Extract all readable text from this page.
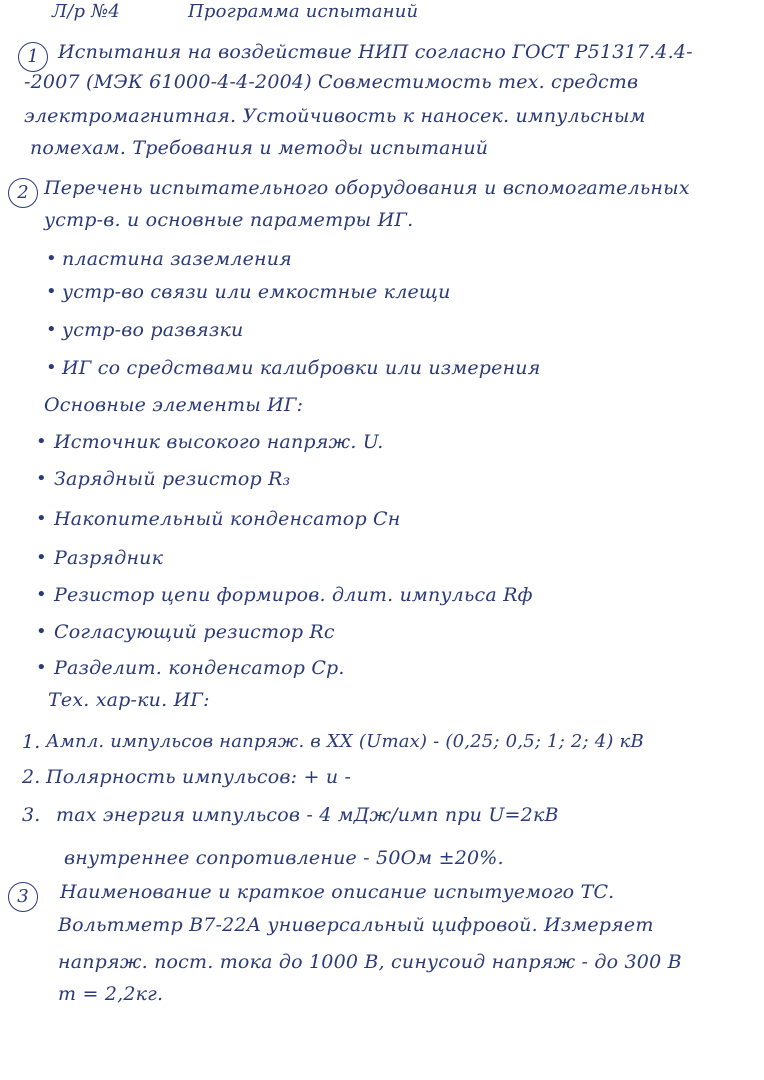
Л/р №4	Программа испытаний
1	Испытания на воздействие НИП согласно ГОСТ Р51317.4.4-
-2007 (МЭК 61000-4-4-2004) Совместимость тех. средств
электромагнитная. Устойчивость к наносек. импульсным
помехам. Требования и методы испытаний
2 Перечень испытательного оборудования и вспомогательных
устр-в. и основные параметры ИГ.
• пластина заземления
• устр-во связи или емкостные клещи
• устр-во развязки
• ИГ со средствами калибровки или измерения
Основные элементы ИГ:
• Источник высокого напряж. U.
• Зарядный резистор R₃
• Накопительный конденсатор Cн
• Разрядник
• Резистор цепи формиров. длит. импульса Rф
• Согласующий резистор Rс
• Разделит. конденсатор Cр.
Тех. хар-ки. ИГ:
1. Ампл. импульсов напряж. в ХХ (Umax) - (0,25; 0,5; 1; 2; 4) кВ
2. Полярность импульсов: + и -
3. max энергия импульсов - 4 мДж/имп при U=2кВ
внутреннее сопротивление - 50Ом ±20%.
3	Наименование и краткое описание испытуемого ТС.
Вольтметр В7-22А универсальный цифровой. Измеряет
напряж. пост. тока до 1000 В, синусоид напряж - до 300 В
m = 2,2кг.
